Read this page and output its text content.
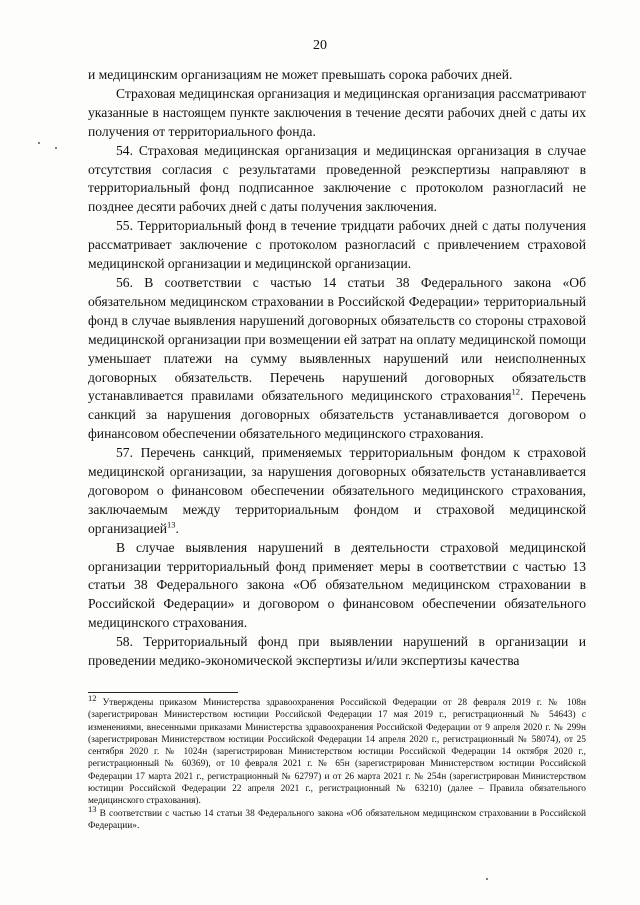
20

и медицинским организациям не может превышать сорока рабочих дней.

Страховая медицинская организация и медицинская организация рассматривают указанные в настоящем пункте заключения в течение десяти рабочих дней с даты их получения от территориального фонда.

54. Страховая медицинская организация и медицинская организация в случае отсутствия согласия с результатами проведенной реэкспертизы направляют в территориальный фонд подписанное заключение с протоколом разногласий не позднее десяти рабочих дней с даты получения заключения.

55. Территориальный фонд в течение тридцати рабочих дней с даты получения рассматривает заключение с протоколом разногласий с привлечением страховой медицинской организации и медицинской организации.

56. В соответствии с частью 14 статьи 38 Федерального закона «Об обязательном медицинском страховании в Российской Федерации» территориальный фонд в случае выявления нарушений договорных обязательств со стороны страховой медицинской организации при возмещении ей затрат на оплату медицинской помощи уменьшает платежи на сумму выявленных нарушений или неисполненных договорных обязательств. Перечень нарушений договорных обязательств устанавливается правилами обязательного медицинского страхования$^{12}$. Перечень санкций за нарушения договорных обязательств устанавливается договором о финансовом обеспечении обязательного медицинского страхования.

57. Перечень санкций, применяемых территориальным фондом к страховой медицинской организации, за нарушения договорных обязательств устанавливается договором о финансовом обеспечении обязательного медицинского страхования, заключаемым между территориальным фондом и страховой медицинской организацией$^{13}$.

В случае выявления нарушений в деятельности страховой медицинской организации территориальный фонд применяет меры в соответствии с частью 13 статьи 38 Федерального закона «Об обязательном медицинском страховании в Российской Федерации» и договором о финансовом обеспечении обязательного медицинского страхования.

58. Территориальный фонд при выявлении нарушений в организации и проведении медико-экономической экспертизы и/или экспертизы качества

$^{12}$ Утверждены приказом Министерства здравоохранения Российской Федерации от 28 февраля 2019 г. № 108н (зарегистрирован Министерством юстиции Российской Федерации 17 мая 2019 г., регистрационный № 54643) с изменениями, внесенными приказами Министерства здравоохранения Российской Федерации от 9 апреля 2020 г. № 299н (зарегистрирован Министерством юстиции Российской Федерации 14 апреля 2020 г., регистрационный № 58074), от 25 сентября 2020 г. № 1024н (зарегистрирован Министерством юстиции Российской Федерации 14 октября 2020 г., регистрационный № 60369), от 10 февраля 2021 г. № 65н (зарегистрирован Министерством юстиции Российской Федерации 17 марта 2021 г., регистрационный № 62797) и от 26 марта 2021 г. № 254н (зарегистрирован Министерством юстиции Российской Федерации 22 апреля 2021 г., регистрационный № 63210) (далее – Правила обязательного медицинского страхования).

$^{13}$ В соответствии с частью 14 статьи 38 Федерального закона «Об обязательном медицинском страховании в Российской Федерации».
